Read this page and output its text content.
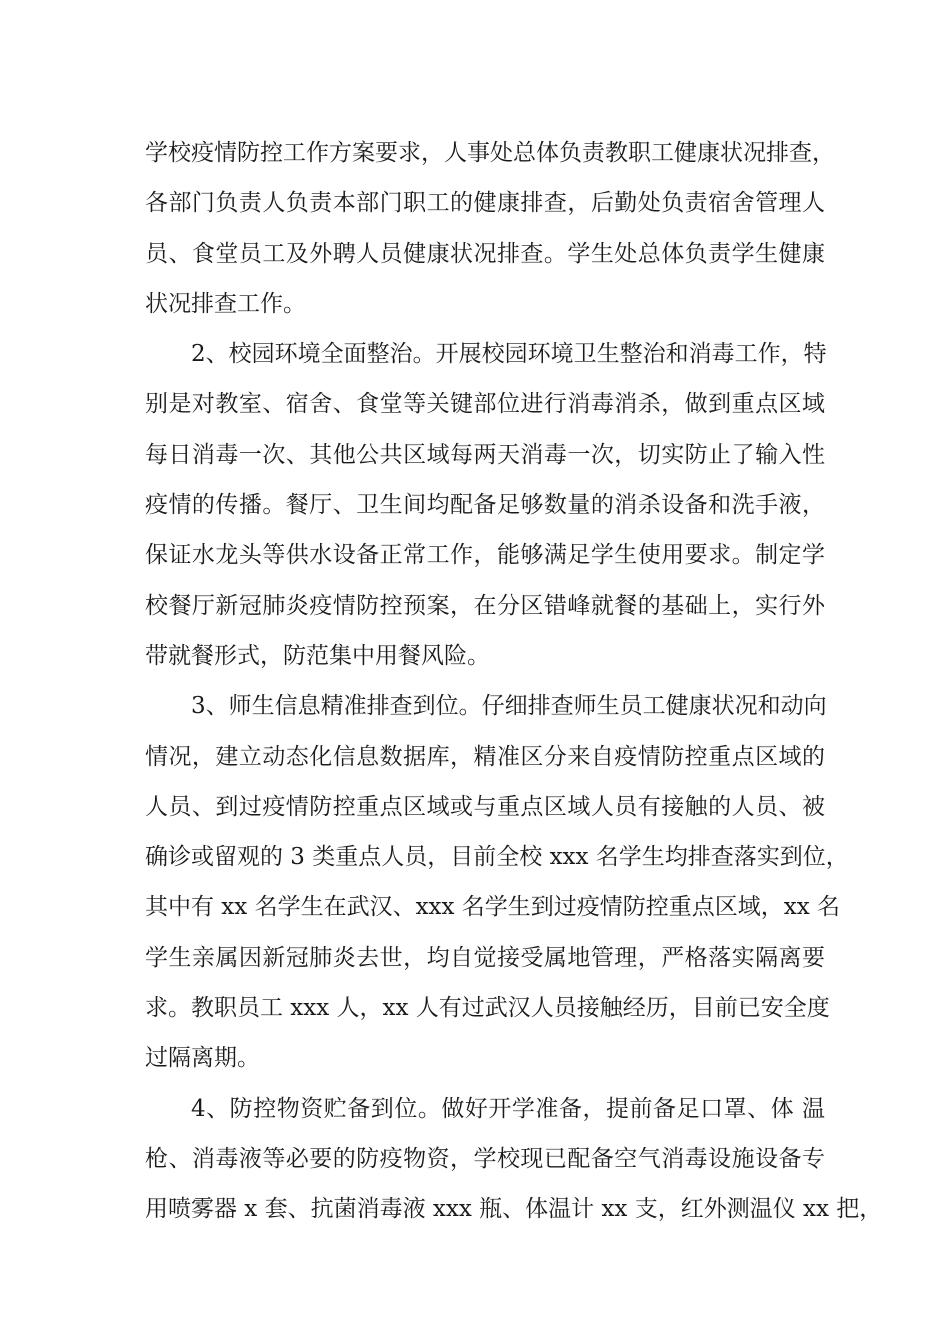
学校疫情防控工作方案要求，人事处总体负责教职工健康状况排查，
各部门负责人负责本部门职工的健康排查，后勤处负责宿舍管理人
员、食堂员工及外聘人员健康状况排查。学生处总体负责学生健康
状况排查工作。
2、校园环境全面整治。开展校园环境卫生整治和消毒工作，特
别是对教室、宿舍、食堂等关键部位进行消毒消杀，做到重点区域
每日消毒一次、其他公共区域每两天消毒一次，切实防止了输入性
疫情的传播。餐厅、卫生间均配备足够数量的消杀设备和洗手液，
保证水龙头等供水设备正常工作，能够满足学生使用要求。制定学
校餐厅新冠肺炎疫情防控预案，在分区错峰就餐的基础上，实行外
带就餐形式，防范集中用餐风险。
3、师生信息精准排查到位。仔细排查师生员工健康状况和动向
情况，建立动态化信息数据库，精准区分来自疫情防控重点区域的
人员、到过疫情防控重点区域或与重点区域人员有接触的人员、被
确诊或留观的 3 类重点人员，目前全校 xxx 名学生均排查落实到位，
其中有 xx 名学生在武汉、xxx 名学生到过疫情防控重点区域，xx 名
学生亲属因新冠肺炎去世，均自觉接受属地管理，严格落实隔离要
求。教职员工 xxx 人，xx 人有过武汉人员接触经历，目前已安全度
过隔离期。
4、防控物资贮备到位。做好开学准备，提前备足口罩、体 温
枪、消毒液等必要的防疫物资，学校现已配备空气消毒设施设备专
用喷雾器 x 套、抗菌消毒液 xxx 瓶、体温计 xx 支，红外测温仪 xx 把，
